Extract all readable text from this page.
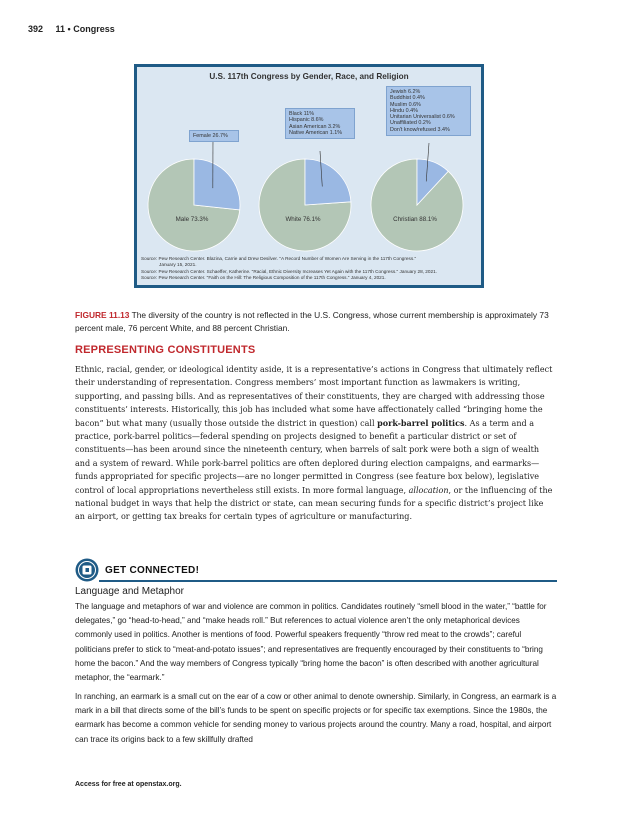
392 11 • Congress
U.S. 117th Congress by Gender, Race, and Religion
Male 73.3%	White 76.1%	Christian 88.1%
Female 26.7%
Black 11%
Hispanic 8.6%
Asian American 3.2%
Native American 1.1%
Jewish 6.2%
Buddhist 0.4%
Muslim 0.6%
Hindu 0.4%
Unitarian Universalist 0.6%
Unaffiliated 0.2%
Don't know/refused 3.4%
Source: Pew Research Center. Blazina, Carrie and Drew Desilver. "A Record Number of Women Are Serving in the 117th Congress."
January 15, 2021.
Source: Pew Research Center. Schaeffer, Katherine. "Racial, Ethnic Diversity Increases Yet Again with the 117th Congress." January 28, 2021.
Source: Pew Research Center. "Faith on the Hill: The Religious Composition of the 117th Congress." January 4, 2021.
FIGURE 11.13 The diversity of the country is not reflected in the U.S. Congress, whose current membership is approximately 73 percent male, 76 percent White, and 88 percent Christian.
REPRESENTING CONSTITUENTS
Ethnic, racial, gender, or ideological identity aside, it is a representative’s actions in Congress that ultimately reflect their understanding of representation. Congress members’ most important function as lawmakers is writing, supporting, and passing bills. And as representatives of their constituents, they are charged with addressing those constituents’ interests. Historically, this job has included what some have affectionately called “bringing home the bacon” but what many (usually those outside the district in question) call pork-barrel politics. As a term and a practice, pork-barrel politics—federal spending on projects designed to benefit a particular district or set of constituents—has been around since the nineteenth century, when barrels of salt pork were both a sign of wealth and a system of reward. While pork-barrel politics are often deplored during election campaigns, and earmarks—funds appropriated for specific projects—are no longer permitted in Congress (see feature box below), legislative control of local appropriations nevertheless still exists. In more formal language, allocation, or the influencing of the national budget in ways that help the district or state, can mean securing funds for a specific district’s project like an airport, or getting tax breaks for certain types of agriculture or manufacturing.
GET CONNECTED!
Language and Metaphor
The language and metaphors of war and violence are common in politics. Candidates routinely “smell blood in the water,” “battle for delegates,” go “head-to-head,” and “make heads roll.” But references to actual violence aren’t the only metaphorical devices commonly used in politics. Another is mentions of food. Powerful speakers frequently “throw red meat to the crowds”; careful politicians prefer to stick to “meat-and-potato issues”; and representatives are frequently encouraged by their constituents to “bring home the bacon.” And the way members of Congress typically “bring home the bacon” is often described with another agricultural metaphor, the “earmark.”
In ranching, an earmark is a small cut on the ear of a cow or other animal to denote ownership. Similarly, in Congress, an earmark is a mark in a bill that directs some of the bill’s funds to be spent on specific projects or for specific tax exemptions. Since the 1980s, the earmark has become a common vehicle for sending money to various projects around the country. Many a road, hospital, and airport can trace its origins back to a few skillfully drafted
Access for free at openstax.org.
